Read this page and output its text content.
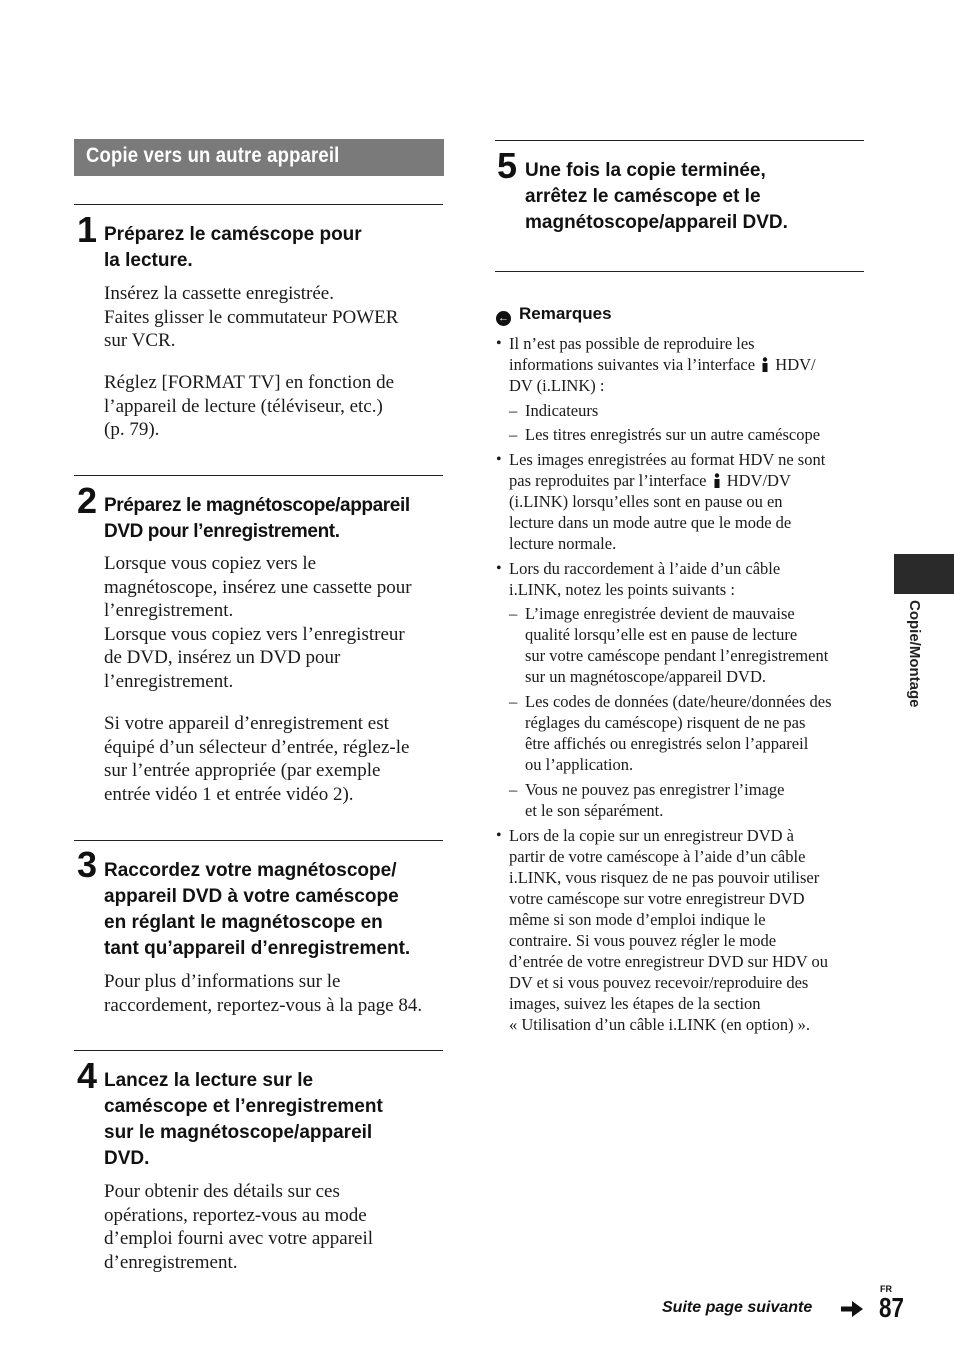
Copie vers un autre appareil
1 Préparez le caméscope pour
la lecture.
Insérez la cassette enregistrée.
Faites glisser le commutateur POWER
sur VCR.
Réglez [FORMAT TV] en fonction de
l’appareil de lecture (téléviseur, etc.)
(p. 79).
2 Préparez le magnétoscope/appareil
DVD pour l’enregistrement.
Lorsque vous copiez vers le
magnétoscope, insérez une cassette pour
l’enregistrement.
Lorsque vous copiez vers l’enregistreur
de DVD, insérez un DVD pour
l’enregistrement.
Si votre appareil d’enregistrement est
équipé d’un sélecteur d’entrée, réglez-le
sur l’entrée appropriée (par exemple
entrée vidéo 1 et entrée vidéo 2).
3 Raccordez votre magnétoscope/
appareil DVD à votre caméscope
en réglant le magnétoscope en
tant qu’appareil d’enregistrement.
Pour plus d’informations sur le
raccordement, reportez-vous à la page 84.
4 Lancez la lecture sur le
caméscope et l’enregistrement
sur le magnétoscope/appareil
DVD.
Pour obtenir des détails sur ces
opérations, reportez-vous au mode
d’emploi fourni avec votre appareil
d’enregistrement.
5 Une fois la copie terminée,
arrêtez le caméscope et le
magnétoscope/appareil DVD.
← Remarques
• Il n’est pas possible de reproduire les
informations suivantes via l’interface HDV/
DV (i.LINK) :
– Indicateurs
– Les titres enregistrés sur un autre caméscope
• Les images enregistrées au format HDV ne sont
pas reproduites par l’interface HDV/DV
(i.LINK) lorsqu’elles sont en pause ou en
lecture dans un mode autre que le mode de
lecture normale.
• Lors du raccordement à l’aide d’un câble
i.LINK, notez les points suivants :
– L’image enregistrée devient de mauvaise
qualité lorsqu’elle est en pause de lecture
sur votre caméscope pendant l’enregistrement
sur un magnétoscope/appareil DVD.
– Les codes de données (date/heure/données des
réglages du caméscope) risquent de ne pas
être affichés ou enregistrés selon l’appareil
ou l’application.
– Vous ne pouvez pas enregistrer l’image
et le son séparément.
• Lors de la copie sur un enregistreur DVD à
partir de votre caméscope à l’aide d’un câble
i.LINK, vous risquez de ne pas pouvoir utiliser
votre caméscope sur votre enregistreur DVD
même si son mode d’emploi indique le
contraire. Si vous pouvez régler le mode
d’entrée de votre enregistreur DVD sur HDV ou
DV et si vous pouvez recevoir/reproduire des
images, suivez les étapes de la section
« Utilisation d’un câble i.LINK (en option) ».
Copie/Montage
Suite page suivante
FR
87
